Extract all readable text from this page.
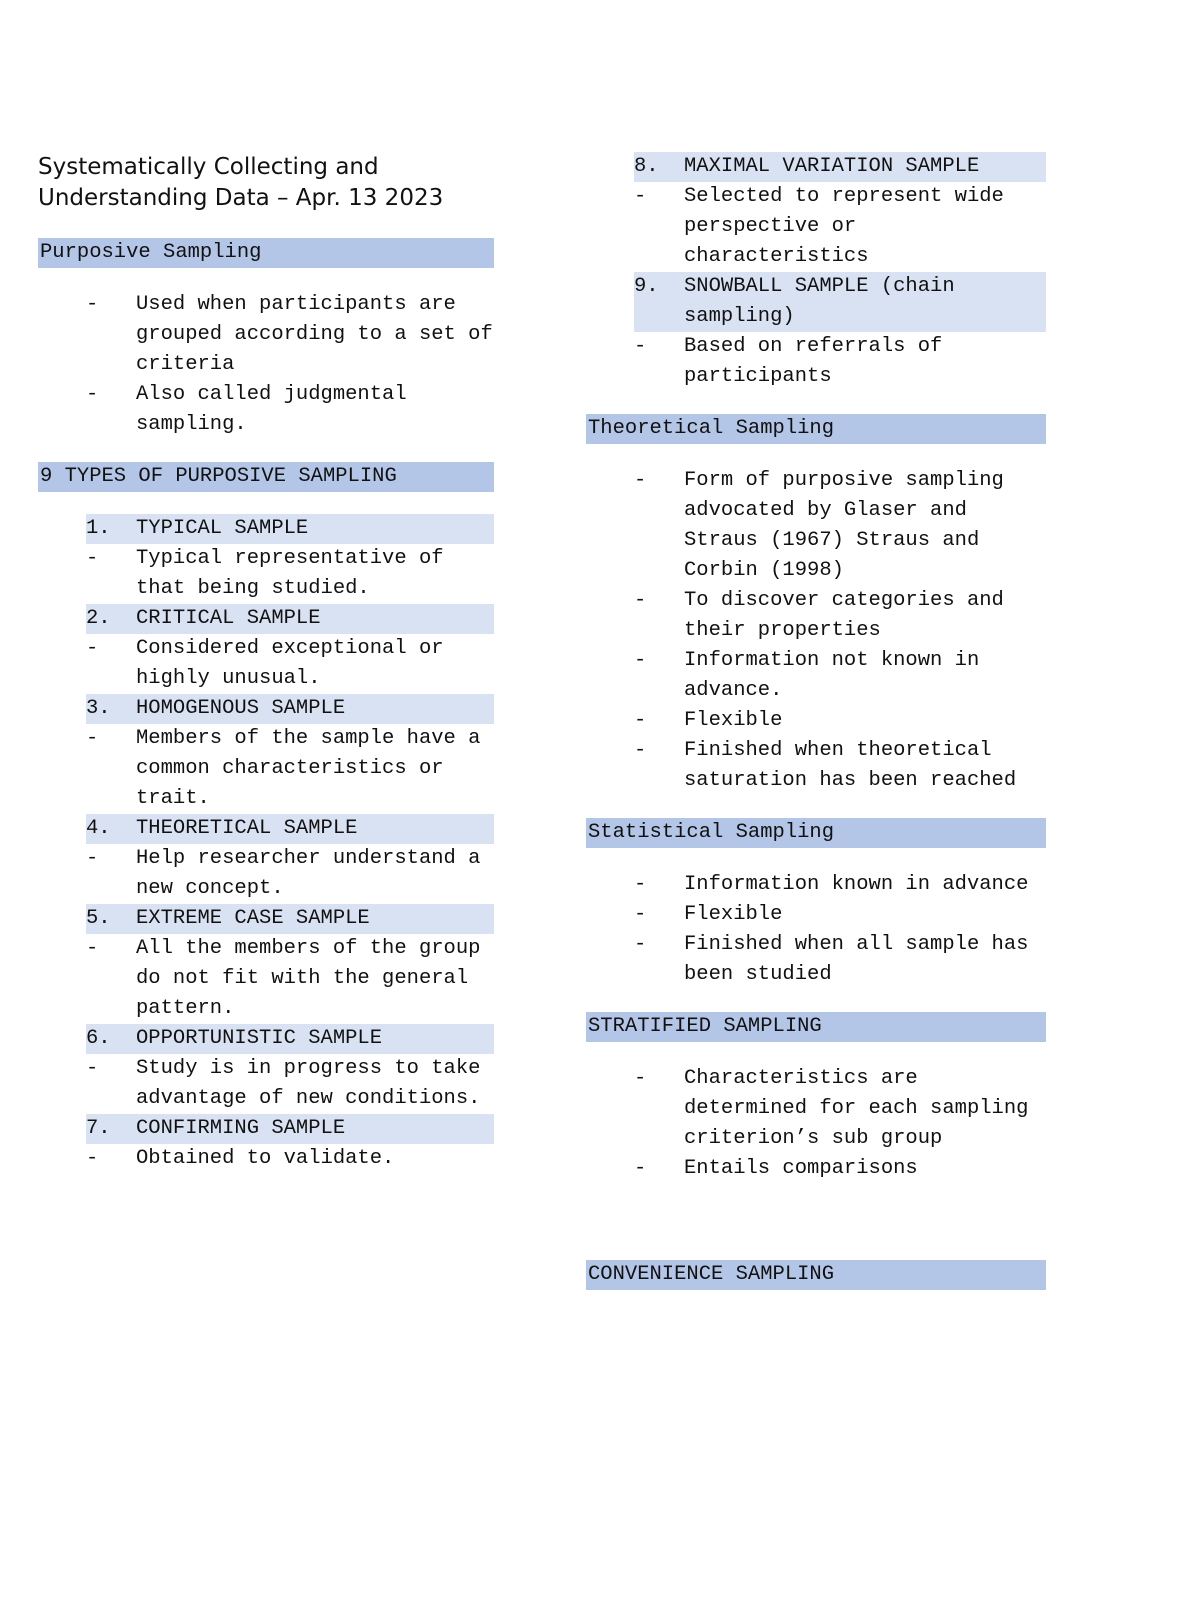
Systematically Collecting and
Understanding Data – Apr. 13 2023
Purposive Sampling
-	Used when participants are grouped according to a set of criteria
-	Also called judgmental sampling.
9 TYPES OF PURPOSIVE SAMPLING
1.	TYPICAL SAMPLE
-	Typical representative of that being studied.
2.	CRITICAL SAMPLE
-	Considered exceptional or highly unusual.
3.	HOMOGENOUS SAMPLE
-	Members of the sample have a common characteristics or trait.
4.	THEORETICAL SAMPLE
-	Help researcher understand a new concept.
5.	EXTREME CASE SAMPLE
-	All the members of the group do not fit with the general pattern.
6.	OPPORTUNISTIC SAMPLE
-	Study is in progress to take advantage of new conditions.
7.	CONFIRMING SAMPLE
-	Obtained to validate.
8.	MAXIMAL VARIATION SAMPLE
-	Selected to represent wide perspective or characteristics
9.	SNOWBALL SAMPLE (chain sampling)
-	Based on referrals of participants
Theoretical Sampling
-	Form of purposive sampling advocated by Glaser and Straus (1967) Straus and Corbin (1998)
-	To discover categories and their properties
-	Information not known in advance.
-	Flexible
-	Finished when theoretical saturation has been reached
Statistical Sampling
-	Information known in advance
-	Flexible
-	Finished when all sample has been studied
STRATIFIED SAMPLING
-	Characteristics are determined for each sampling criterion’s sub group
-	Entails comparisons
CONVENIENCE SAMPLING
